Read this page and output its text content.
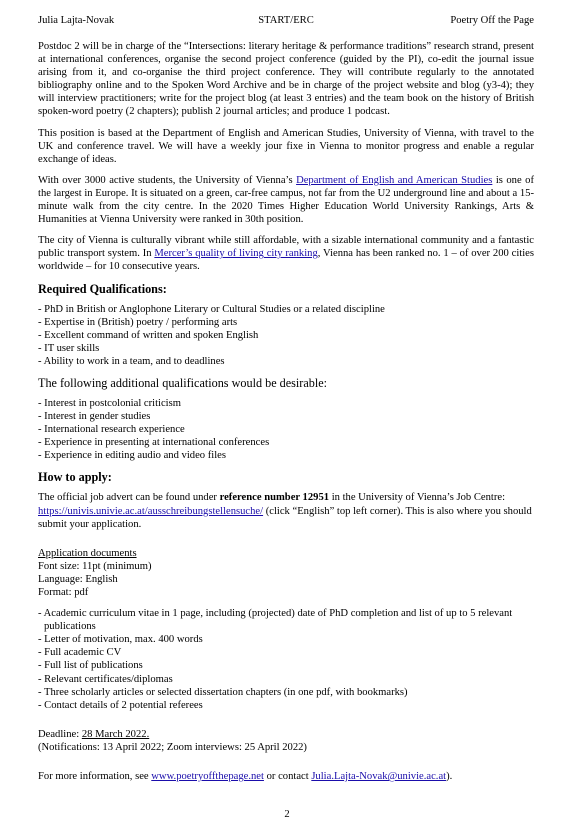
Julia Lajta-Novak	START/ERC	Poetry Off the Page

Postdoc 2 will be in charge of the “Intersections: literary heritage & performance traditions” research strand, present at international conferences, organise the second project conference (guided by the PI), co-edit the journal issue arising from it, and co-organise the third project conference. They will contribute regularly to the annotated bibliography online and to the Spoken Word Archive and be in charge of the project website and blog (y3-4); they will interview practitioners; write for the project blog (at least 3 entries) and the team book on the history of British spoken-word poetry (2 chapters); publish 2 journal articles; and produce 1 podcast.

This position is based at the Department of English and American Studies, University of Vienna, with travel to the UK and conference travel. We will have a weekly jour fixe in Vienna to monitor progress and enable a regular exchange of ideas.

With over 3000 active students, the University of Vienna’s Department of English and American Studies is one of the largest in Europe. It is situated on a green, car-free campus, not far from the U2 underground line and about a 15-minute walk from the city centre. In the 2020 Times Higher Education World University Rankings, Arts & Humanities at Vienna University were ranked in 30th position.

The city of Vienna is culturally vibrant while still affordable, with a sizable international community and a fantastic public transport system. In Mercer’s quality of living city ranking, Vienna has been ranked no. 1 – of over 200 cities worldwide – for 10 consecutive years.

Required Qualifications:
- PhD in British or Anglophone Literary or Cultural Studies or a related discipline
- Expertise in (British) poetry / performing arts
- Excellent command of written and spoken English
- IT user skills
- Ability to work in a team, and to deadlines

The following additional qualifications would be desirable:

- Interest in postcolonial criticism
- Interest in gender studies
- International research experience
- Experience in presenting at international conferences
- Experience in editing audio and video files
How to apply:

The official job advert can be found under reference number 12951 in the University of Vienna’s Job Centre: https://univis.univie.ac.at/ausschreibungstellensuche/ (click “English” top left corner). This is also where you should submit your application.

Application documents

Font size: 11pt (minimum)

Language: English

Format: pdf

- Academic curriculum vitae in 1 page, including (projected) date of PhD completion and list of up to 5 relevant publications
- Letter of motivation, max. 400 words
- Full academic CV
- Full list of publications
- Relevant certificates/diplomas
- Three scholarly articles or selected dissertation chapters (in one pdf, with bookmarks)
- Contact details of 2 potential referees

Deadline: 28 March 2022.

(Notifications: 13 April 2022; Zoom interviews: 25 April 2022)

For more information, see www.poetryoffthepage.net or contact Julia.Lajta-Novak@univie.ac.at).

2
